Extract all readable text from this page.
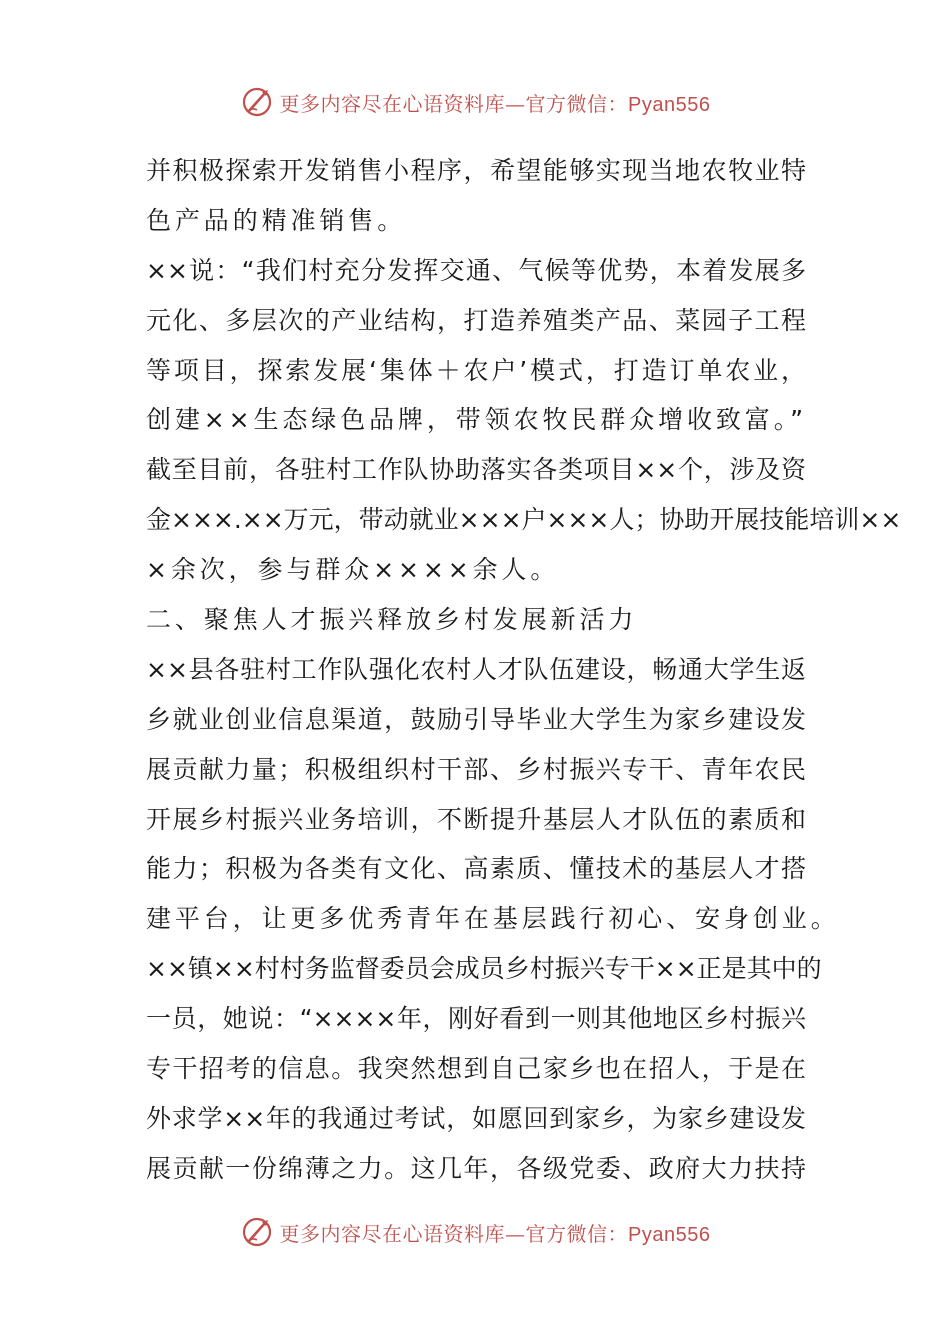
更多内容尽在心语资料库—官方微信：Pyan556
并积极探索开发销售小程序，希望能够实现当地农牧业特
色产品的精准销售。
××说：“我们村充分发挥交通、气候等优势，本着发展多
元化、多层次的产业结构，打造养殖类产品、菜园子工程
等项目，探索发展‘集体＋农户’模式，打造订单农业，
创建××生态绿色品牌，带领农牧民群众增收致富。”
截至目前，各驻村工作队协助落实各类项目××个，涉及资
金×××.××万元，带动就业×××户×××人；协助开展技能培训××
×余次，参与群众××××余人。
二、聚焦人才振兴释放乡村发展新活力
××县各驻村工作队强化农村人才队伍建设，畅通大学生返
乡就业创业信息渠道，鼓励引导毕业大学生为家乡建设发
展贡献力量；积极组织村干部、乡村振兴专干、青年农民
开展乡村振兴业务培训，不断提升基层人才队伍的素质和
能力；积极为各类有文化、高素质、懂技术的基层人才搭
建平台，让更多优秀青年在基层践行初心、安身创业。
××镇××村村务监督委员会成员乡村振兴专干××正是其中的
一员，她说：“××××年，刚好看到一则其他地区乡村振兴
专干招考的信息。我突然想到自己家乡也在招人，于是在
外求学××年的我通过考试，如愿回到家乡，为家乡建设发
展贡献一份绵薄之力。这几年，各级党委、政府大力扶持
更多内容尽在心语资料库—官方微信：Pyan556
